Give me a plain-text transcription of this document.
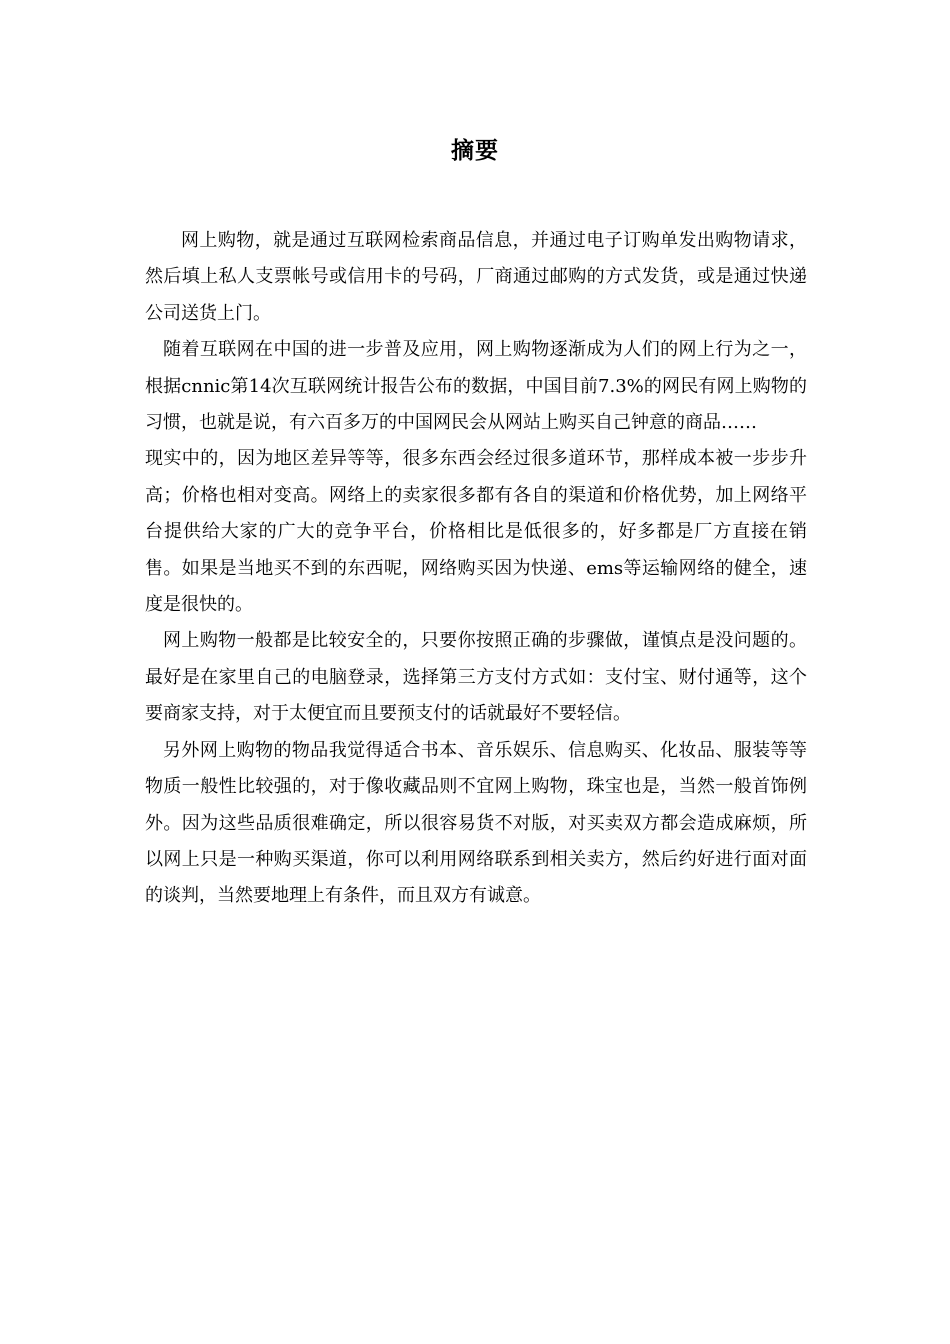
摘要

网上购物，就是通过互联网检索商品信息，并通过电子订购单发出购物请求，然后填上私人支票帐号或信用卡的号码，厂商通过邮购的方式发货，或是通过快递公司送货上门。

随着互联网在中国的进一步普及应用，网上购物逐渐成为人们的网上行为之一，根据cnnic第14次互联网统计报告公布的数据，中国目前7.3%的网民有网上购物的习惯，也就是说，有六百多万的中国网民会从网站上购买自己钟意的商品……

现实中的，因为地区差异等等，很多东西会经过很多道环节，那样成本被一步步升高；价格也相对变高。网络上的卖家很多都有各自的渠道和价格优势，加上网络平台提供给大家的广大的竞争平台，价格相比是低很多的，好多都是厂方直接在销售。如果是当地买不到的东西呢，网络购买因为快递、ems等运输网络的健全，速度是很快的。

网上购物一般都是比较安全的，只要你按照正确的步骤做，谨慎点是没问题的。最好是在家里自己的电脑登录，选择第三方支付方式如：支付宝、财付通等，这个要商家支持，对于太便宜而且要预支付的话就最好不要轻信。

另外网上购物的物品我觉得适合书本、音乐娱乐、信息购买、化妆品、服装等等物质一般性比较强的，对于像收藏品则不宜网上购物，珠宝也是，当然一般首饰例外。因为这些品质很难确定，所以很容易货不对版，对买卖双方都会造成麻烦，所以网上只是一种购买渠道，你可以利用网络联系到相关卖方，然后约好进行面对面的谈判，当然要地理上有条件，而且双方有诚意。
